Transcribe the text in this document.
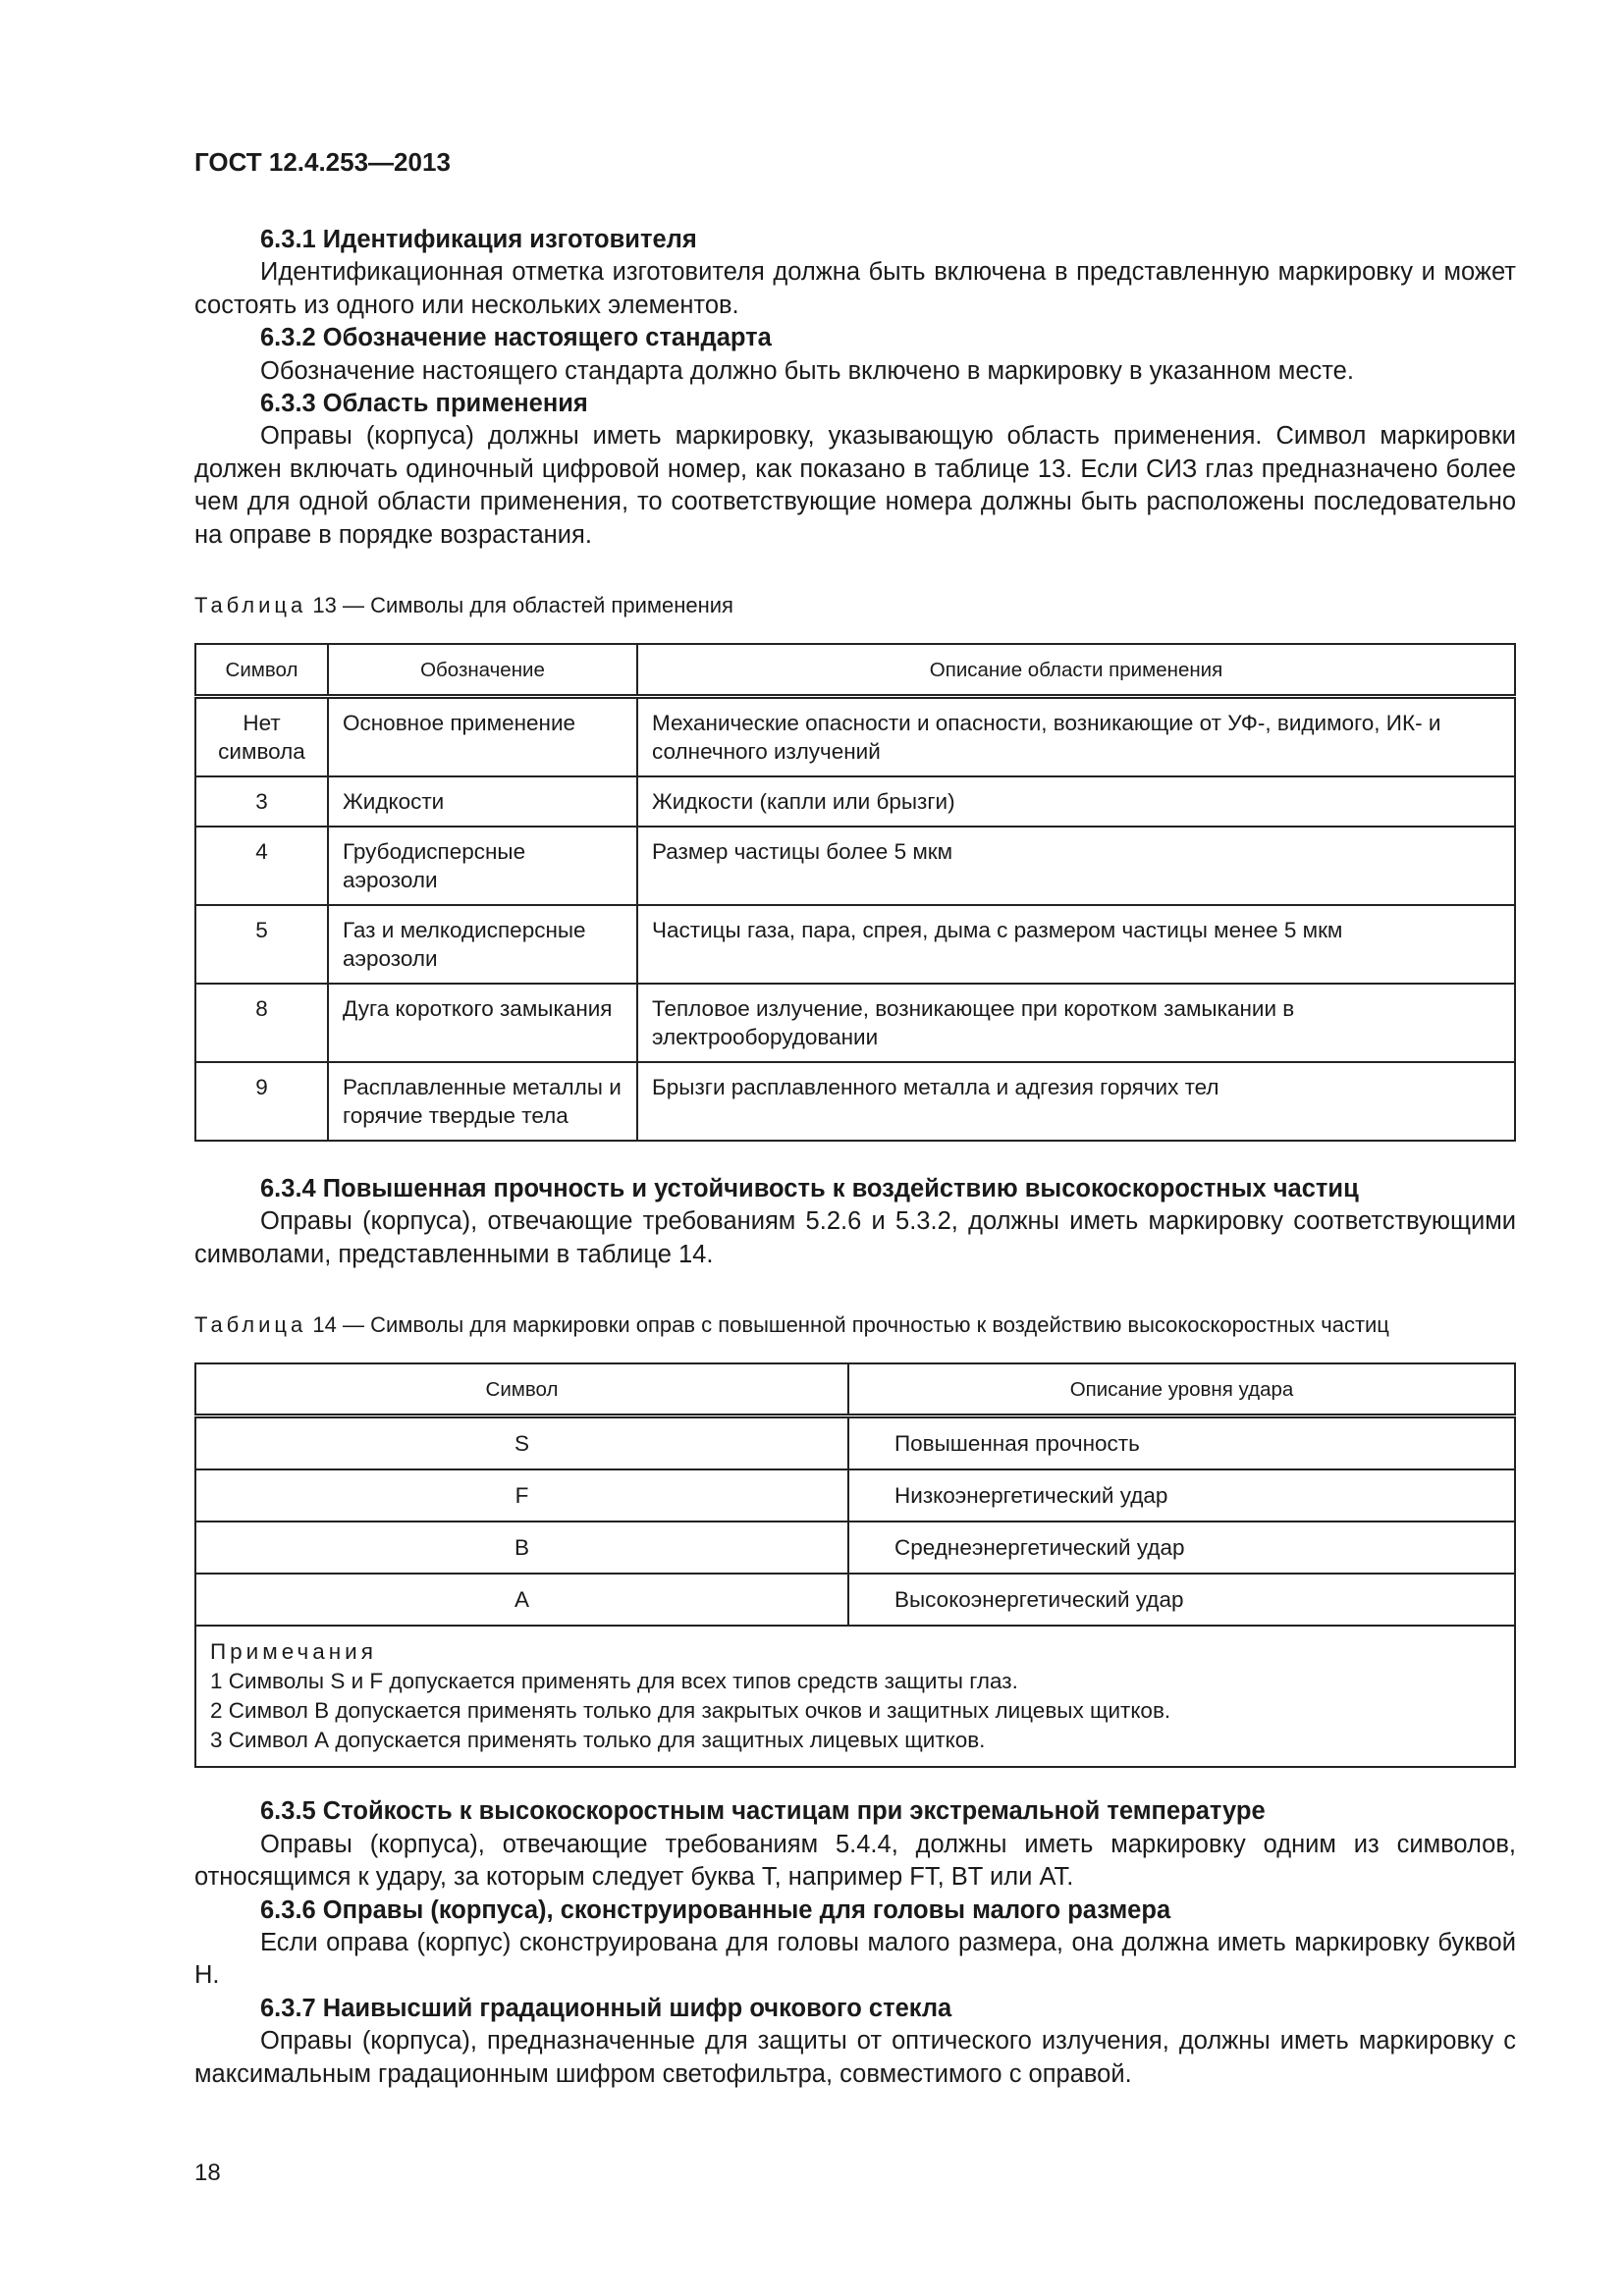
ГОСТ 12.4.253—2013

6.3.1 Идентификация изготовителя

Идентификационная отметка изготовителя должна быть включена в представленную маркировку и может состоять из одного или нескольких элементов.

6.3.2 Обозначение настоящего стандарта

Обозначение настоящего стандарта должно быть включено в маркировку в указанном месте.

6.3.3 Область применения

Оправы (корпуса) должны иметь маркировку, указывающую область применения. Символ маркировки должен включать одиночный цифровой номер, как показано в таблице 13. Если СИЗ глаз предназначено более чем для одной области применения, то соответствующие номера должны быть расположены последовательно на оправе в порядке возрастания.

Таблица 13 — Символы для областей применения
Символ	Обозначение	Описание области применения
Нет символа	Основное применение	Механические опасности и опасности, возникающие от УФ-, видимого, ИК- и солнечного излучений
3	Жидкости	Жидкости (капли или брызги)
4	Грубодисперсные аэрозоли	Размер частицы более 5 мкм
5	Газ и мелкодисперсные аэрозоли	Частицы газа, пара, спрея, дыма с размером частицы менее 5 мкм
8	Дуга короткого замыкания	Тепловое излучение, возникающее при коротком замыкании в электрооборудовании
9	Расплавленные металлы и горячие твердые тела	Брызги расплавленного металла и адгезия горячих тел

6.3.4 Повышенная прочность и устойчивость к воздействию высокоскоростных частиц

Оправы (корпуса), отвечающие требованиям 5.2.6 и 5.3.2, должны иметь маркировку соответствующими символами, представленными в таблице 14.

Таблица 14 — Символы для маркировки оправ с повышенной прочностью к воздействию высокоскоростных частиц
Символ	Описание уровня удара
S	Повышенная прочность
F	Низкоэнергетический удар
B	Среднеэнергетический удар
A	Высокоэнергетический удар

Примечания
1 Символы S и F допускается применять для всех типов средств защиты глаз.
2 Символ В допускается применять только для закрытых очков и защитных лицевых щитков.
3 Символ А допускается применять только для защитных лицевых щитков.	

6.3.5 Стойкость к высокоскоростным частицам при экстремальной температуре

Оправы (корпуса), отвечающие требованиям 5.4.4, должны иметь маркировку одним из символов, относящимся к удару, за которым следует буква Т, например FT, BT или AT.

6.3.6 Оправы (корпуса), сконструированные для головы малого размера

Если оправа (корпус) сконструирована для головы малого размера, она должна иметь маркировку буквой Н.

6.3.7 Наивысший градационный шифр очкового стекла

Оправы (корпуса), предназначенные для защиты от оптического излучения, должны иметь маркировку с максимальным градационным шифром светофильтра, совместимого с оправой.

18
